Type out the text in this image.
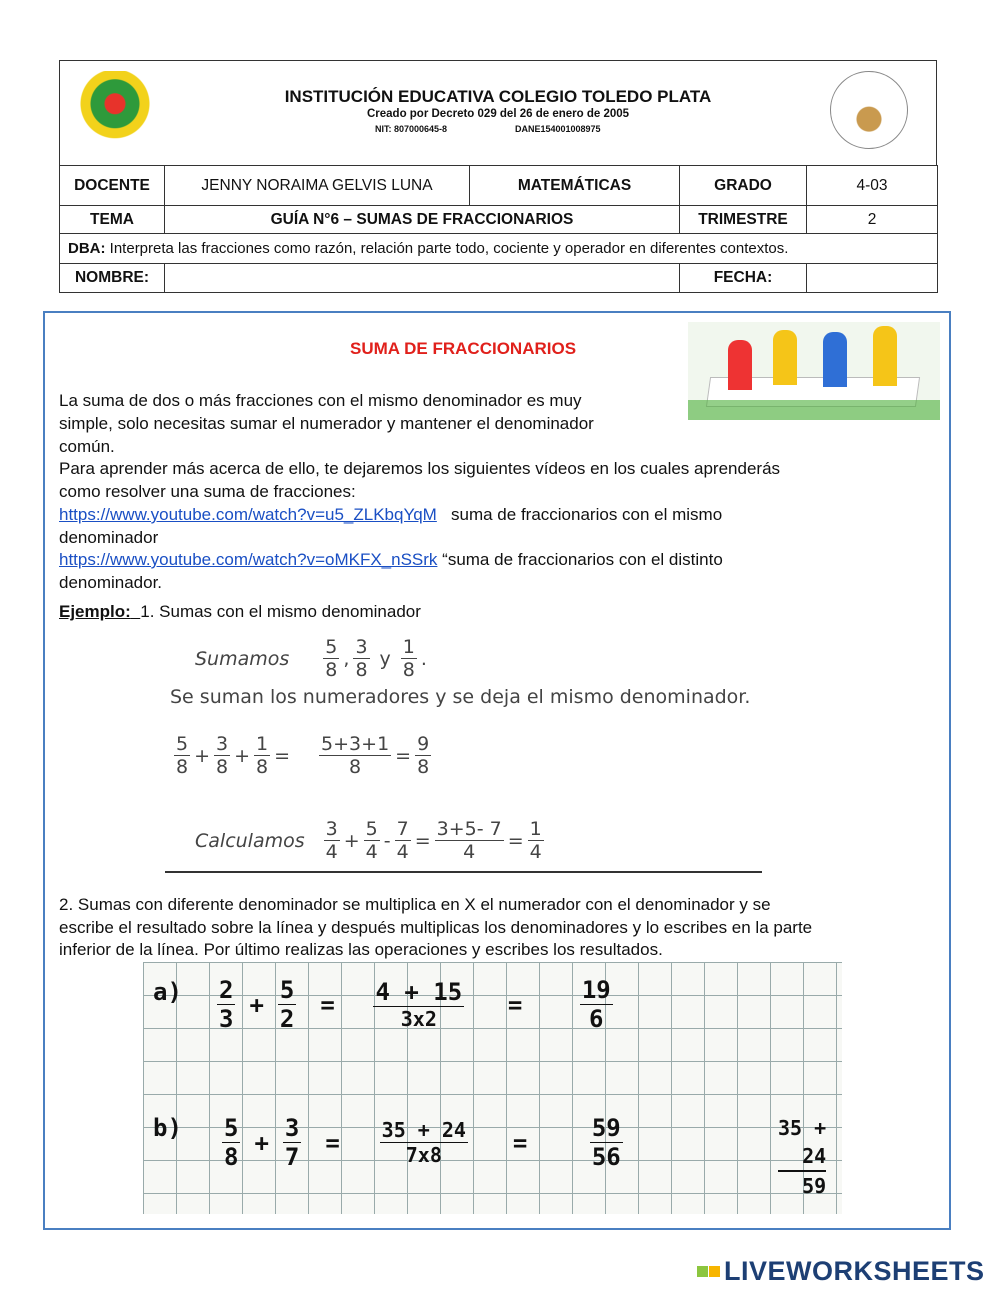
INSTITUCIÓN EDUCATIVA COLEGIO TOLEDO PLATA
Creado por Decreto 029 del 26 de enero de 2005
NIT: 807000645-8	DANE154001008975
DOCENTE	JENNY NORAIMA GELVIS LUNA	MATEMÁTICAS	GRADO	4-03
TEMA	GUÍA N°6 – SUMAS DE FRACCIONARIOS		TRIMESTRE	2
DBA: Interpreta las fracciones como razón, relación parte todo, cociente y operador en diferentes contextos.				
NOMBRE:			FECHA:	
SUMA DE FRACCIONARIOS
La suma de dos o más fracciones con el mismo denominador es muy
simple, solo necesitas sumar el numerador y mantener el denominador
común.
Para aprender más acerca de ello, te dejaremos los siguientes vídeos en los cuales aprenderás
como resolver una suma de fracciones:
https://www.youtube.com/watch?v=u5_ZLKbqYqM suma de fraccionarios con el mismo
denominador
https://www.youtube.com/watch?v=oMKFX_nSSrk “suma de fraccionarios con el distinto
denominador.
Ejemplo: 1. Sumas con el mismo denominador
Sumamos $\frac{5}{8}$ , $\frac{3}{8}$ y $\frac{1}{8}$ .
Se suman los numeradores y se deja el mismo denominador.
$\frac{5}{8} + \frac{3}{8} + \frac{1}{8} = \frac{5+3+1}{8} = \frac{9}{8}$
Calculamos $\frac{3}{4} + \frac{5}{4} - \frac{7}{4} = \frac{3+5- 7}{4} = \frac{1}{4}$
2. Sumas con diferente denominador se multiplica en X el numerador con el denominador y se
escribe el resultado sobre la línea y después multiplicas los denominadores y lo escribes en la parte
inferior de la línea. Por último realizas las operaciones y escribes los resultados.
$a) \frac{2}{3} + \frac{5}{2} = \frac{4 + 15}{3x2} = \frac{19}{6}$
$b) \frac{5}{8} + \frac{3}{7} = \frac{35 + 24}{7x8} = \frac{59}{56}$	35 +
24
59
LIVEWORKSHEETS
